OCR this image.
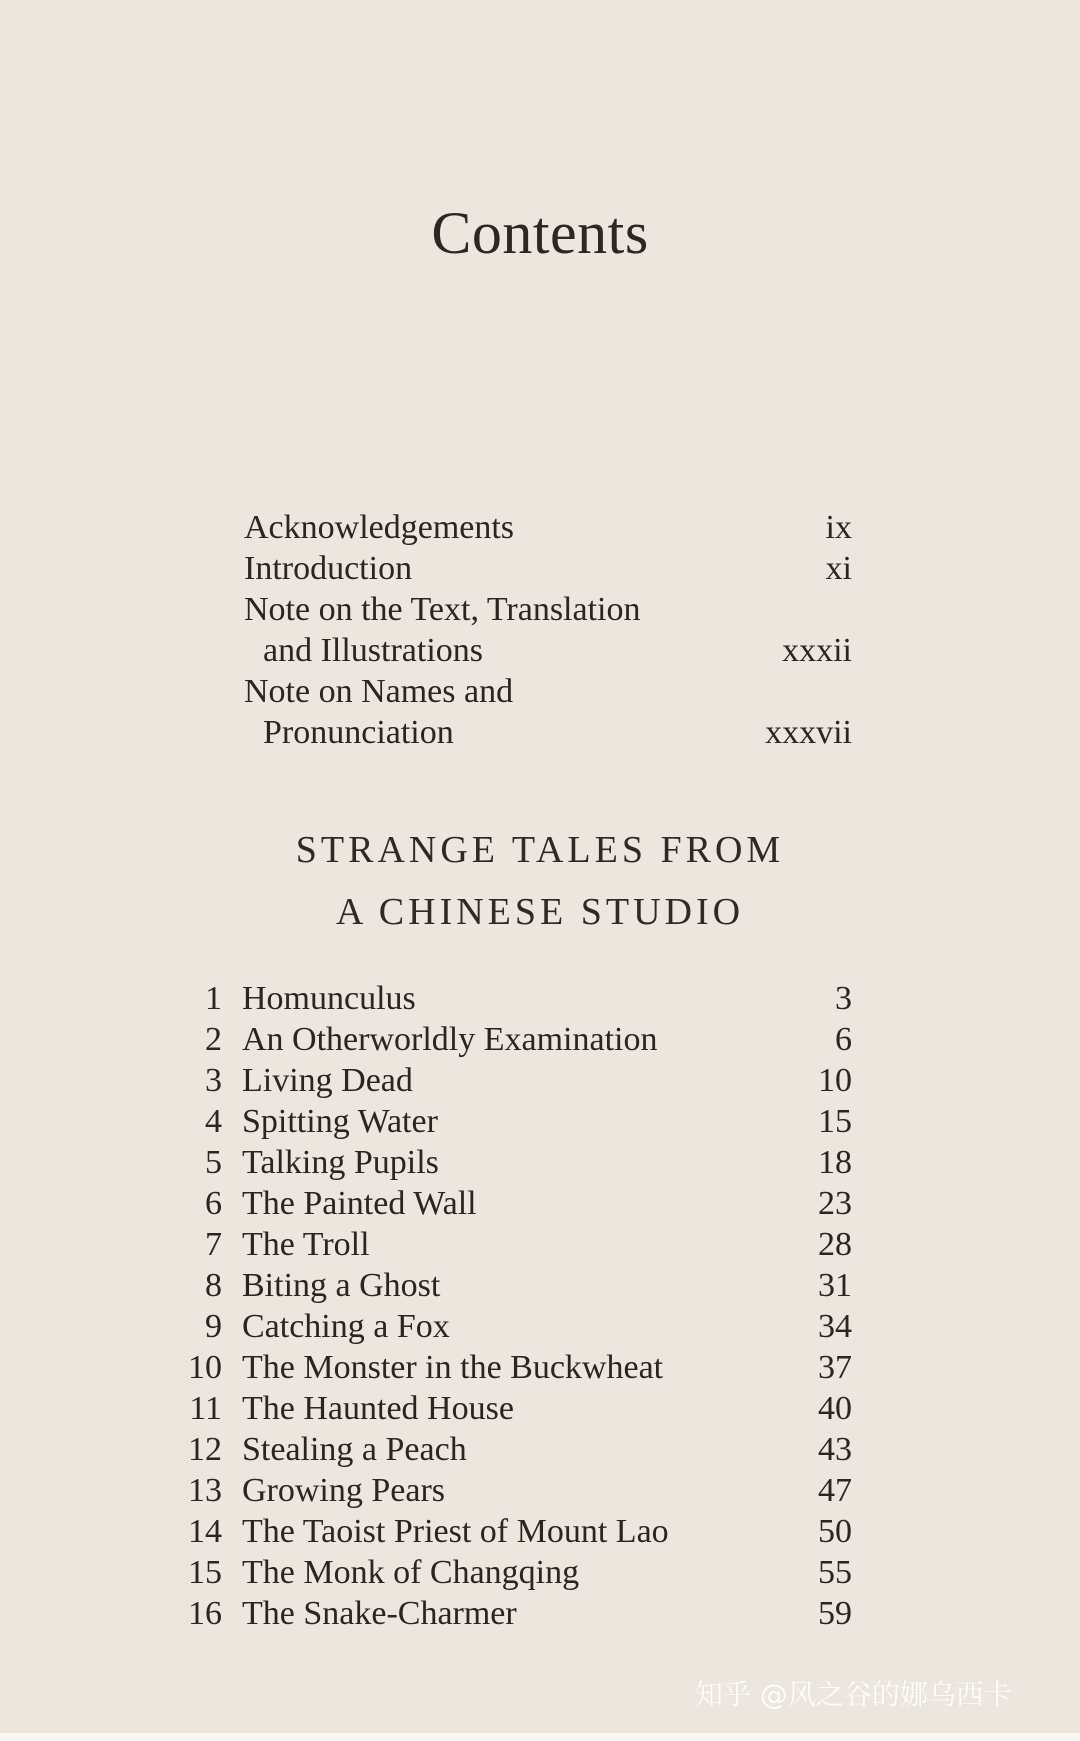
Contents
Acknowledgements	ix
Introduction	xi
Note on the Text, Translation
and Illustrations	xxxii
Note on Names and
Pronunciation	xxxvii
STRANGE TALES FROM
A CHINESE STUDIO
1 Homunculus	3
2 An Otherworldly Examination	6
3 Living Dead	10
4 Spitting Water	15
5 Talking Pupils	18
6 The Painted Wall	23
7 The Troll	28
8 Biting a Ghost	31
9 Catching a Fox	34
10 The Monster in the Buckwheat	37
11 The Haunted House	40
12 Stealing a Peach	43
13 Growing Pears	47
14 The Taoist Priest of Mount Lao	50
15 The Monk of Changqing	55
16 The Snake-Charmer	59
知乎 @风之谷的娜乌西卡
